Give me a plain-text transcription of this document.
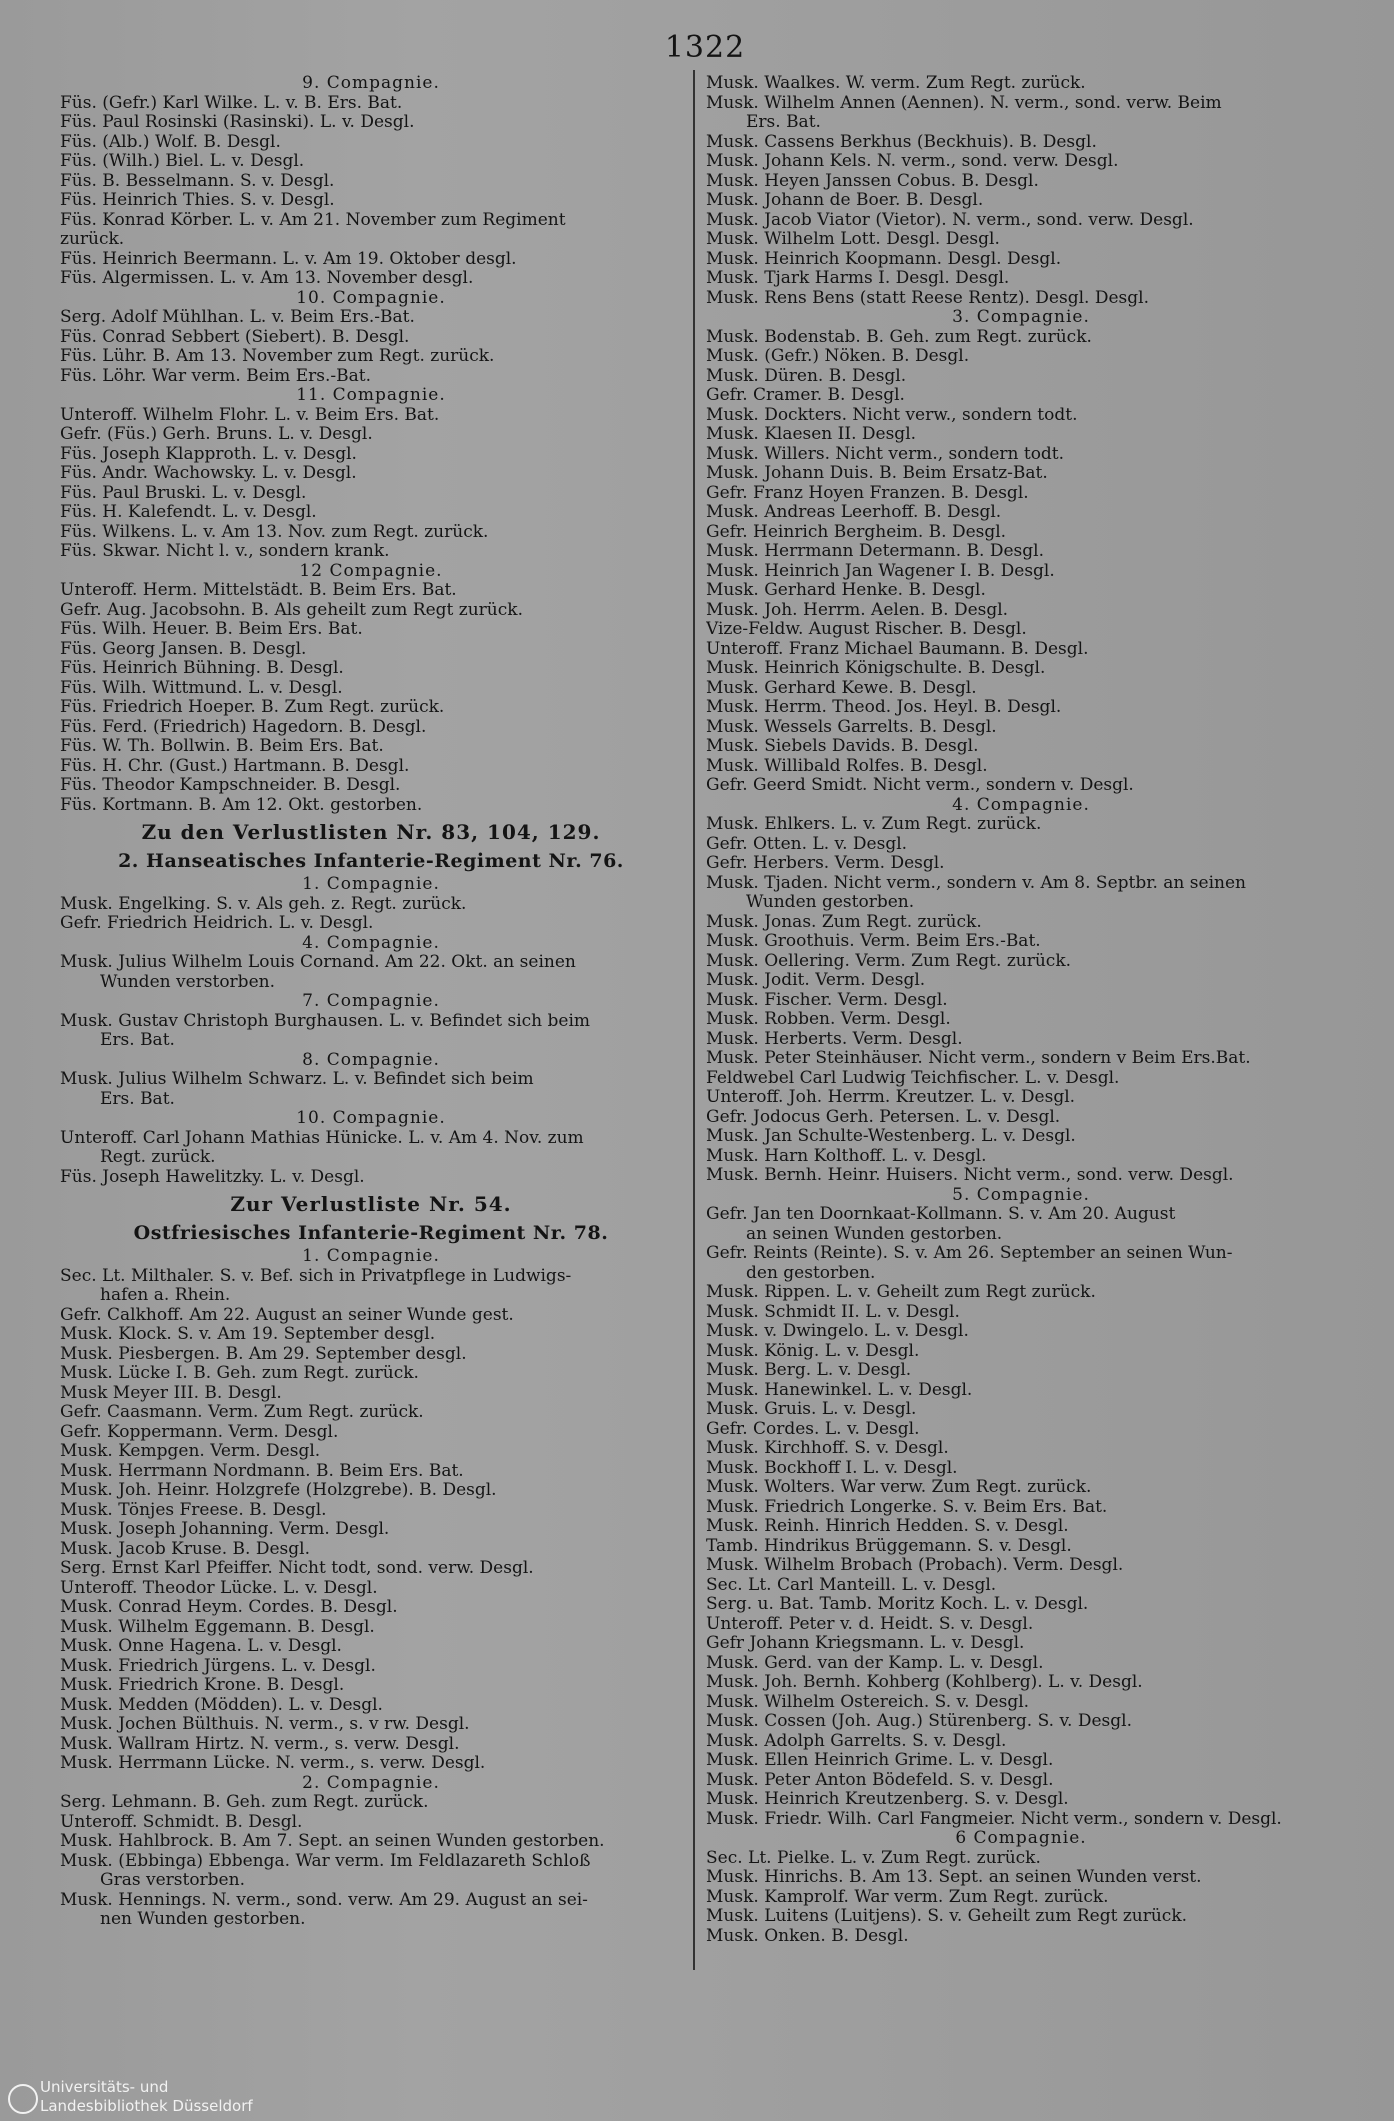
1322
9. Compagnie.
Füs. (Gefr.) Karl Wilke. L. v. B. Ers. Bat.
Füs. Paul Rosinski (Rasinski). L. v. Desgl.
Füs. (Alb.) Wolf. B. Desgl.
Füs. (Wilh.) Biel. L. v. Desgl.
Füs. B. Besselmann. S. v. Desgl.
Füs. Heinrich Thies. S. v. Desgl.
Füs. Konrad Körber. L. v. Am 21. November zum Regiment
zurück.
Füs. Heinrich Beermann. L. v. Am 19. Oktober desgl.
Füs. Algermissen. L. v. Am 13. November desgl.
10. Compagnie.
Serg. Adolf Mühlhan. L. v. Beim Ers.-Bat.
Füs. Conrad Sebbert (Siebert). B. Desgl.
Füs. Lühr. B. Am 13. November zum Regt. zurück.
Füs. Löhr. War verm. Beim Ers.-Bat.
11. Compagnie.
Unteroff. Wilhelm Flohr. L. v. Beim Ers. Bat.
Gefr. (Füs.) Gerh. Bruns. L. v. Desgl.
Füs. Joseph Klapproth. L. v. Desgl.
Füs. Andr. Wachowsky. L. v. Desgl.
Füs. Paul Bruski. L. v. Desgl.
Füs. H. Kalefendt. L. v. Desgl.
Füs. Wilkens. L. v. Am 13. Nov. zum Regt. zurück.
Füs. Skwar. Nicht l. v., sondern krank.
12 Compagnie.
Unteroff. Herm. Mittelstädt. B. Beim Ers. Bat.
Gefr. Aug. Jacobsohn. B. Als geheilt zum Regt zurück.
Füs. Wilh. Heuer. B. Beim Ers. Bat.
Füs. Georg Jansen. B. Desgl.
Füs. Heinrich Bühning. B. Desgl.
Füs. Wilh. Wittmund. L. v. Desgl.
Füs. Friedrich Hoeper. B. Zum Regt. zurück.
Füs. Ferd. (Friedrich) Hagedorn. B. Desgl.
Füs. W. Th. Bollwin. B. Beim Ers. Bat.
Füs. H. Chr. (Gust.) Hartmann. B. Desgl.
Füs. Theodor Kampschneider. B. Desgl.
Füs. Kortmann. B. Am 12. Okt. gestorben.
Zu den Verlustlisten Nr. 83, 104, 129.
2. Hanseatisches Infanterie-Regiment Nr. 76.
1. Compagnie.
Musk. Engelking. S. v. Als geh. z. Regt. zurück.
Gefr. Friedrich Heidrich. L. v. Desgl.
4. Compagnie.
Musk. Julius Wilhelm Louis Cornand. Am 22. Okt. an seinen
Wunden verstorben.
7. Compagnie.
Musk. Gustav Christoph Burghausen. L. v. Befindet sich beim
Ers. Bat.
8. Compagnie.
Musk. Julius Wilhelm Schwarz. L. v. Befindet sich beim
Ers. Bat.
10. Compagnie.
Unteroff. Carl Johann Mathias Hünicke. L. v. Am 4. Nov. zum
Regt. zurück.
Füs. Joseph Hawelitzky. L. v. Desgl.
Zur Verlustliste Nr. 54.
Ostfriesisches Infanterie-Regiment Nr. 78.
1. Compagnie.
Sec. Lt. Milthaler. S. v. Bef. sich in Privatpflege in Ludwigs-
hafen a. Rhein.
Gefr. Calkhoff. Am 22. August an seiner Wunde gest.
Musk. Klock. S. v. Am 19. September desgl.
Musk. Piesbergen. B. Am 29. September desgl.
Musk. Lücke I. B. Geh. zum Regt. zurück.
Musk Meyer III. B. Desgl.
Gefr. Caasmann. Verm. Zum Regt. zurück.
Gefr. Koppermann. Verm. Desgl.
Musk. Kempgen. Verm. Desgl.
Musk. Herrmann Nordmann. B. Beim Ers. Bat.
Musk. Joh. Heinr. Holzgrefe (Holzgrebe). B. Desgl.
Musk. Tönjes Freese. B. Desgl.
Musk. Joseph Johanning. Verm. Desgl.
Musk. Jacob Kruse. B. Desgl.
Serg. Ernst Karl Pfeiffer. Nicht todt, sond. verw. Desgl.
Unteroff. Theodor Lücke. L. v. Desgl.
Musk. Conrad Heym. Cordes. B. Desgl.
Musk. Wilhelm Eggemann. B. Desgl.
Musk. Onne Hagena. L. v. Desgl.
Musk. Friedrich Jürgens. L. v. Desgl.
Musk. Friedrich Krone. B. Desgl.
Musk. Medden (Mödden). L. v. Desgl.
Musk. Jochen Bülthuis. N. verm., s. v rw. Desgl.
Musk. Wallram Hirtz. N. verm., s. verw. Desgl.
Musk. Herrmann Lücke. N. verm., s. verw. Desgl.
2. Compagnie.
Serg. Lehmann. B. Geh. zum Regt. zurück.
Unteroff. Schmidt. B. Desgl.
Musk. Hahlbrock. B. Am 7. Sept. an seinen Wunden gestorben.
Musk. (Ebbinga) Ebbenga. War verm. Im Feldlazareth Schloß
Gras verstorben.
Musk. Hennings. N. verm., sond. verw. Am 29. August an sei-
nen Wunden gestorben.
Musk. Waalkes. W. verm. Zum Regt. zurück.
Musk. Wilhelm Annen (Aennen). N. verm., sond. verw. Beim
Ers. Bat.
Musk. Cassens Berkhus (Beckhuis). B. Desgl.
Musk. Johann Kels. N. verm., sond. verw. Desgl.
Musk. Heyen Janssen Cobus. B. Desgl.
Musk. Johann de Boer. B. Desgl.
Musk. Jacob Viator (Vietor). N. verm., sond. verw. Desgl.
Musk. Wilhelm Lott. Desgl. Desgl.
Musk. Heinrich Koopmann. Desgl. Desgl.
Musk. Tjark Harms I. Desgl. Desgl.
Musk. Rens Bens (statt Reese Rentz). Desgl. Desgl.
3. Compagnie.
Musk. Bodenstab. B. Geh. zum Regt. zurück.
Musk. (Gefr.) Nöken. B. Desgl.
Musk. Düren. B. Desgl.
Gefr. Cramer. B. Desgl.
Musk. Dockters. Nicht verw., sondern todt.
Musk. Klaesen II. Desgl.
Musk. Willers. Nicht verm., sondern todt.
Musk. Johann Duis. B. Beim Ersatz-Bat.
Gefr. Franz Hoyen Franzen. B. Desgl.
Musk. Andreas Leerhoff. B. Desgl.
Gefr. Heinrich Bergheim. B. Desgl.
Musk. Herrmann Determann. B. Desgl.
Musk. Heinrich Jan Wagener I. B. Desgl.
Musk. Gerhard Henke. B. Desgl.
Musk. Joh. Herrm. Aelen. B. Desgl.
Vize-Feldw. August Rischer. B. Desgl.
Unteroff. Franz Michael Baumann. B. Desgl.
Musk. Heinrich Königschulte. B. Desgl.
Musk. Gerhard Kewe. B. Desgl.
Musk. Herrm. Theod. Jos. Heyl. B. Desgl.
Musk. Wessels Garrelts. B. Desgl.
Musk. Siebels Davids. B. Desgl.
Musk. Willibald Rolfes. B. Desgl.
Gefr. Geerd Smidt. Nicht verm., sondern v. Desgl.
4. Compagnie.
Musk. Ehlkers. L. v. Zum Regt. zurück.
Gefr. Otten. L. v. Desgl.
Gefr. Herbers. Verm. Desgl.
Musk. Tjaden. Nicht verm., sondern v. Am 8. Septbr. an seinen
Wunden gestorben.
Musk. Jonas. Zum Regt. zurück.
Musk. Groothuis. Verm. Beim Ers.-Bat.
Musk. Oellering. Verm. Zum Regt. zurück.
Musk. Jodit. Verm. Desgl.
Musk. Fischer. Verm. Desgl.
Musk. Robben. Verm. Desgl.
Musk. Herberts. Verm. Desgl.
Musk. Peter Steinhäuser. Nicht verm., sondern v Beim Ers.Bat.
Feldwebel Carl Ludwig Teichfischer. L. v. Desgl.
Unteroff. Joh. Herrm. Kreutzer. L. v. Desgl.
Gefr. Jodocus Gerh. Petersen. L. v. Desgl.
Musk. Jan Schulte-Westenberg. L. v. Desgl.
Musk. Harn Kolthoff. L. v. Desgl.
Musk. Bernh. Heinr. Huisers. Nicht verm., sond. verw. Desgl.
5. Compagnie.
Gefr. Jan ten Doornkaat-Kollmann. S. v. Am 20. August
an seinen Wunden gestorben.
Gefr. Reints (Reinte). S. v. Am 26. September an seinen Wun-
den gestorben.
Musk. Rippen. L. v. Geheilt zum Regt zurück.
Musk. Schmidt II. L. v. Desgl.
Musk. v. Dwingelo. L. v. Desgl.
Musk. König. L. v. Desgl.
Musk. Berg. L. v. Desgl.
Musk. Hanewinkel. L. v. Desgl.
Musk. Gruis. L. v. Desgl.
Gefr. Cordes. L. v. Desgl.
Musk. Kirchhoff. S. v. Desgl.
Musk. Bockhoff I. L. v. Desgl.
Musk. Wolters. War verw. Zum Regt. zurück.
Musk. Friedrich Longerke. S. v. Beim Ers. Bat.
Musk. Reinh. Hinrich Hedden. S. v. Desgl.
Tamb. Hindrikus Brüggemann. S. v. Desgl.
Musk. Wilhelm Brobach (Probach). Verm. Desgl.
Sec. Lt. Carl Manteill. L. v. Desgl.
Serg. u. Bat. Tamb. Moritz Koch. L. v. Desgl.
Unteroff. Peter v. d. Heidt. S. v. Desgl.
Gefr Johann Kriegsmann. L. v. Desgl.
Musk. Gerd. van der Kamp. L. v. Desgl.
Musk. Joh. Bernh. Kohberg (Kohlberg). L. v. Desgl.
Musk. Wilhelm Ostereich. S. v. Desgl.
Musk. Cossen (Joh. Aug.) Stürenberg. S. v. Desgl.
Musk. Adolph Garrelts. S. v. Desgl.
Musk. Ellen Heinrich Grime. L. v. Desgl.
Musk. Peter Anton Bödefeld. S. v. Desgl.
Musk. Heinrich Kreutzenberg. S. v. Desgl.
Musk. Friedr. Wilh. Carl Fangmeier. Nicht verm., sondern v. Desgl.
6 Compagnie.
Sec. Lt. Pielke. L. v. Zum Regt. zurück.
Musk. Hinrichs. B. Am 13. Sept. an seinen Wunden verst.
Musk. Kamprolf. War verm. Zum Regt. zurück.
Musk. Luitens (Luitjens). S. v. Geheilt zum Regt zurück.
Musk. Onken. B. Desgl.
Universitäts- und
Landesbibliothek Düsseldorf
